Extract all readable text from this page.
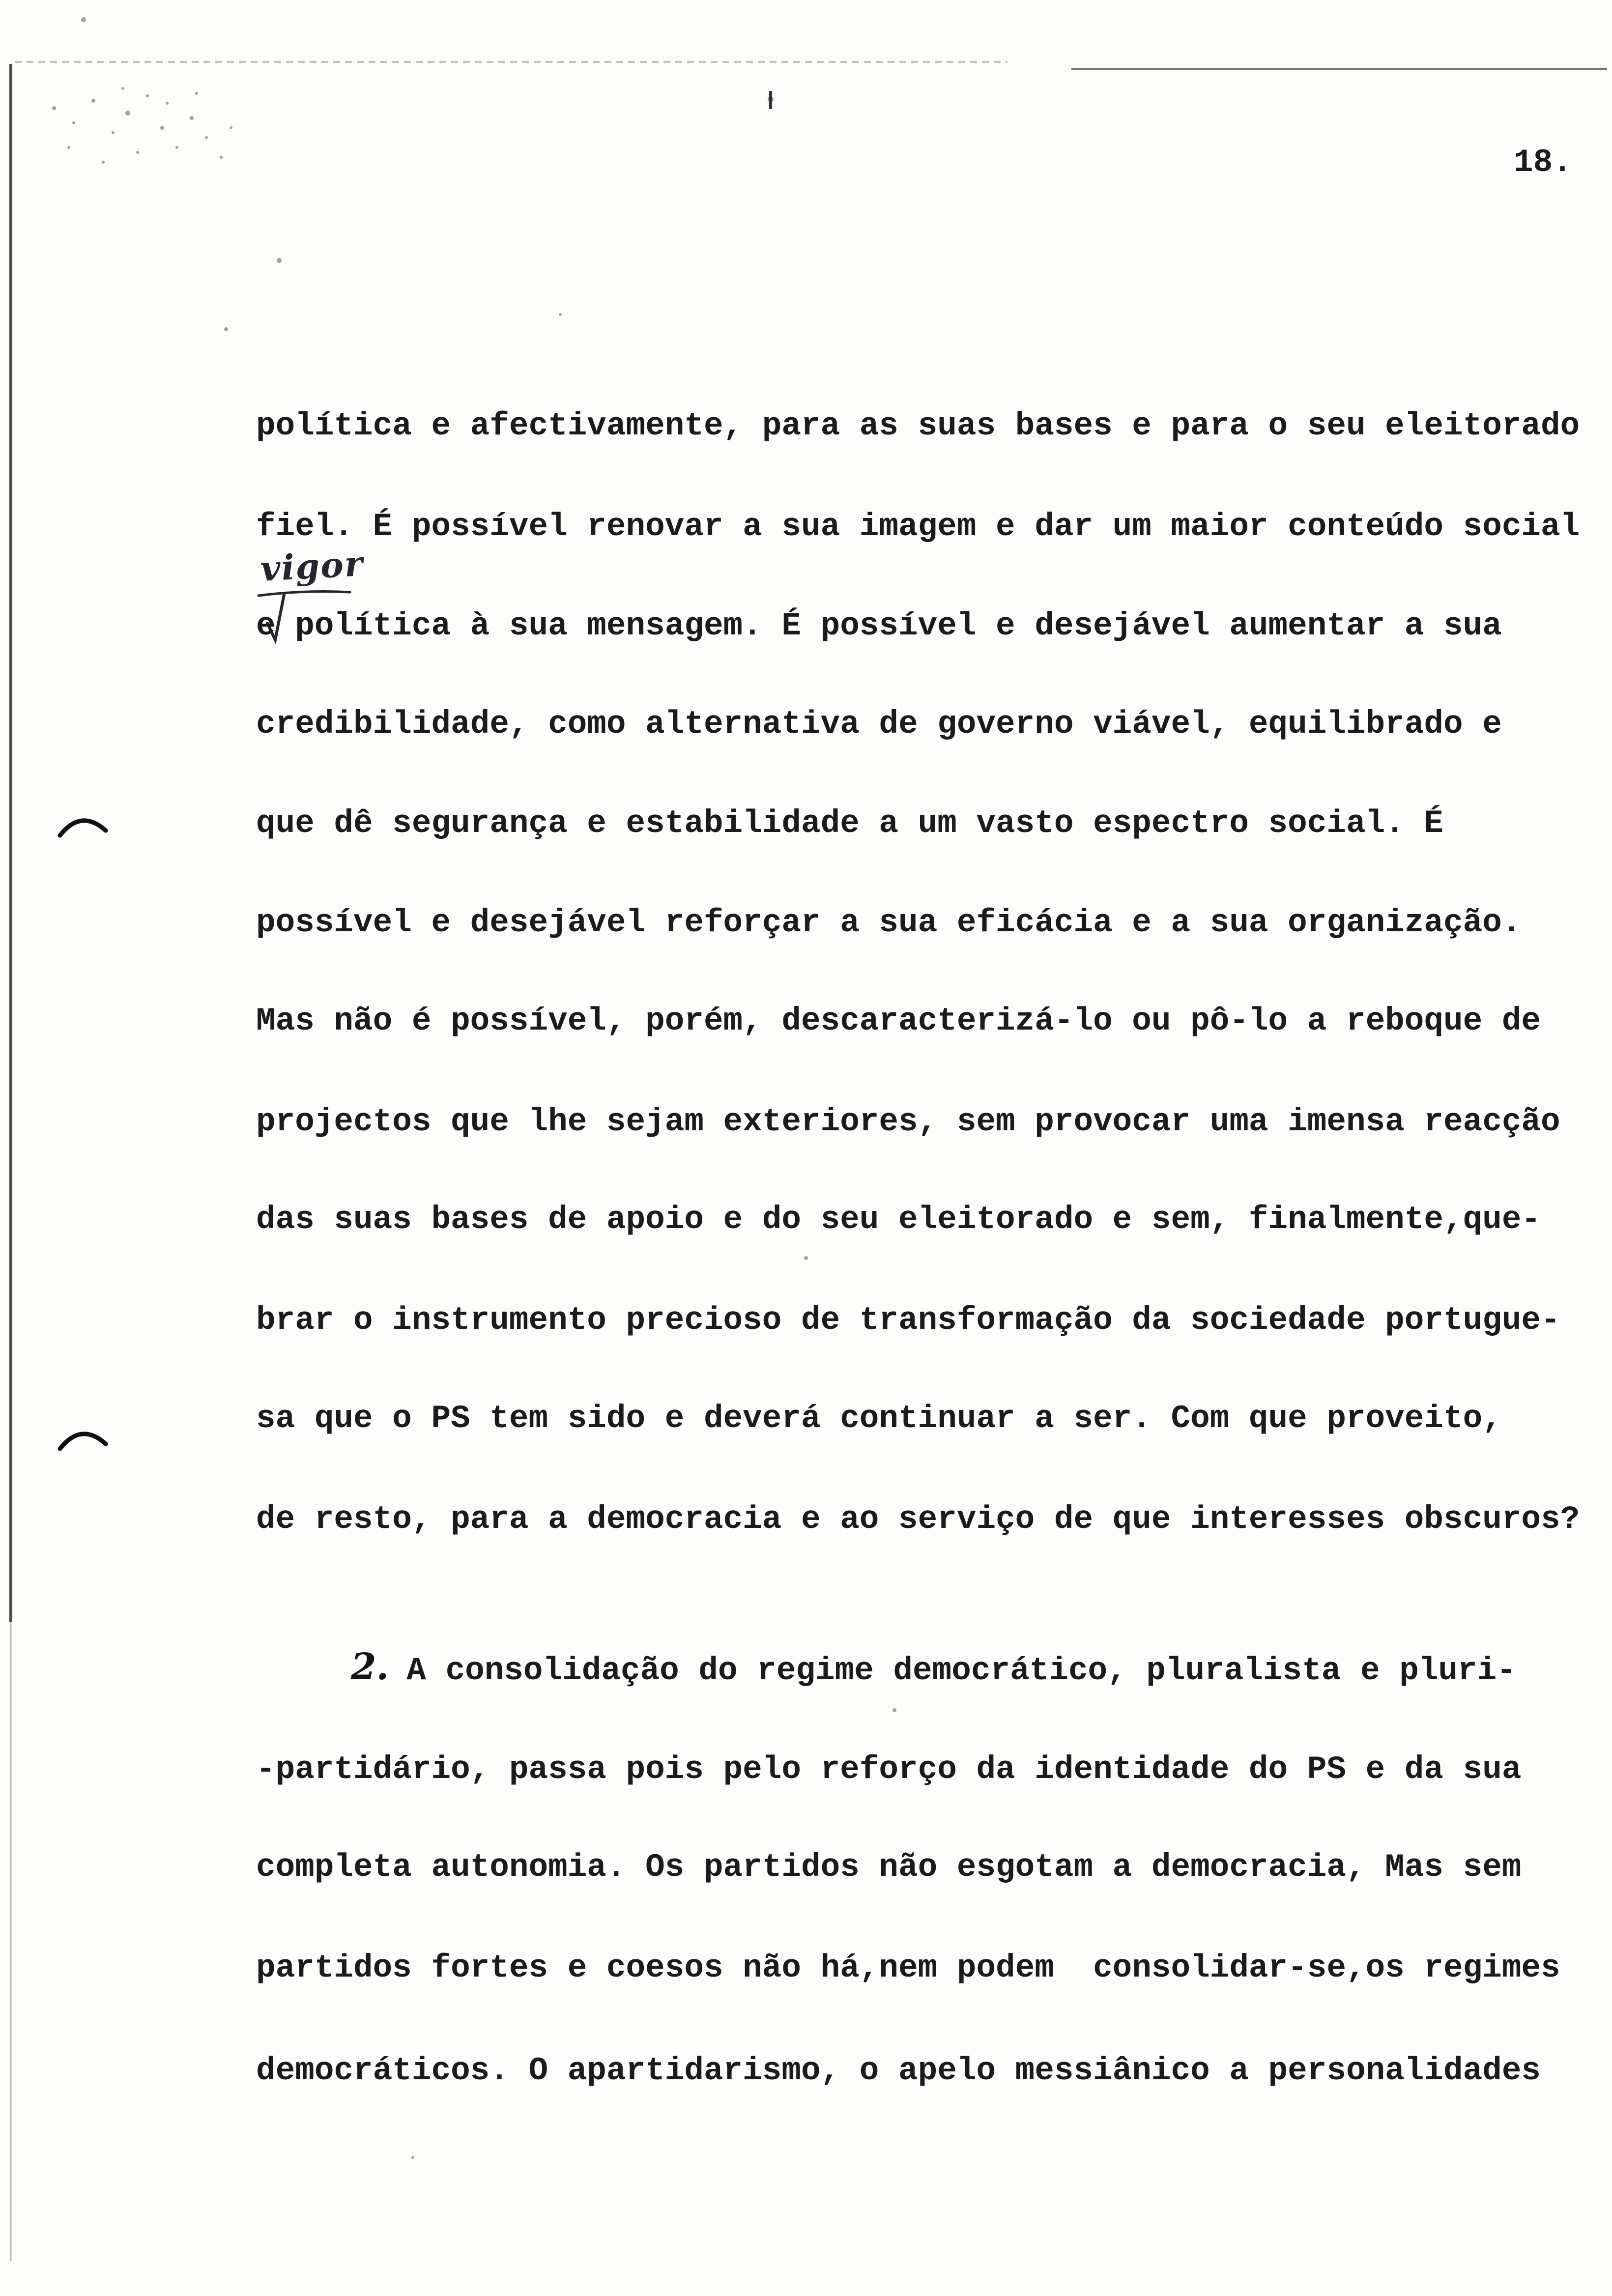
18.
vigor
política e afectivamente, para as suas bases e para o seu eleitorado
fiel. É possível renovar a sua imagem e dar um maior conteúdo social
e política à sua mensagem. É possível e desejável aumentar a sua
credibilidade, como alternativa de governo viável, equilibrado e
que dê segurança e estabilidade a um vasto espectro social. É
possível e desejável reforçar a sua eficácia e a sua organização.
Mas não é possível, porém, descaracterizá-lo ou pô-lo a reboque de
projectos que lhe sejam exteriores, sem provocar uma imensa reacção
das suas bases de apoio e do seu eleitorado e sem, finalmente,que-
brar o instrumento precioso de transformação da sociedade portugue-
sa que o PS tem sido e deverá continuar a ser. Com que proveito,
de resto, para a democracia e ao serviço de que interesses obscuros?
2. A consolidação do regime democrático, pluralista e pluri-
-partidário, passa pois pelo reforço da identidade do PS e da sua
completa autonomia. Os partidos não esgotam a democracia, Mas sem
partidos fortes e coesos não há,nem podem  consolidar-se,os regimes
democráticos. O apartidarismo, o apelo messiânico a personalidades
